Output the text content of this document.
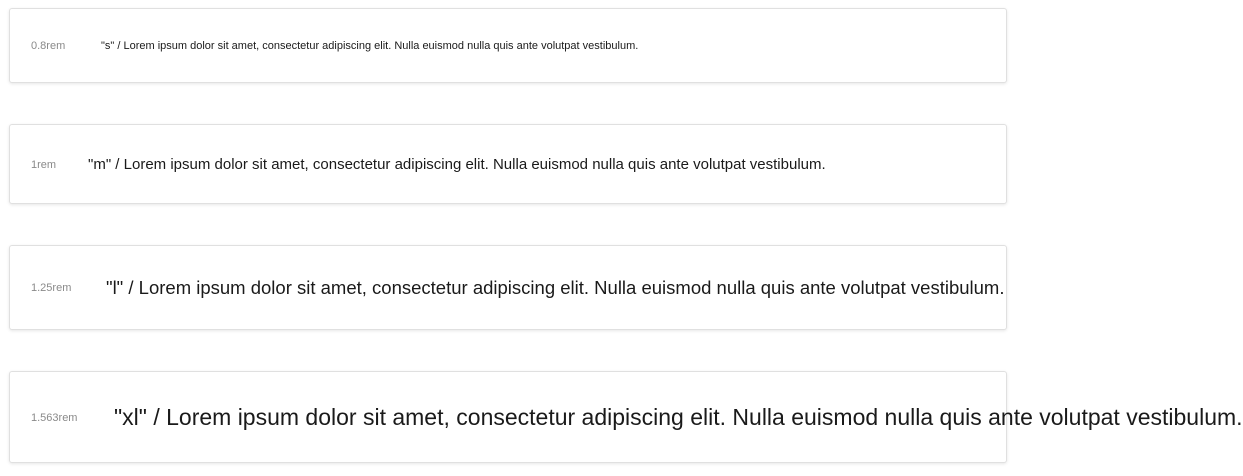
0.8rem	"s" / Lorem ipsum dolor sit amet, consectetur adipiscing elit. Nulla euismod nulla quis ante volutpat vestibulum.
1rem	"m" / Lorem ipsum dolor sit amet, consectetur adipiscing elit. Nulla euismod nulla quis ante volutpat vestibulum.
1.25rem	"l" / Lorem ipsum dolor sit amet, consectetur adipiscing elit. Nulla euismod nulla quis ante volutpat vestibulum.
1.563rem	"xl" / Lorem ipsum dolor sit amet, consectetur adipiscing elit. Nulla euismod nulla quis ante volutpat vestibulum.
